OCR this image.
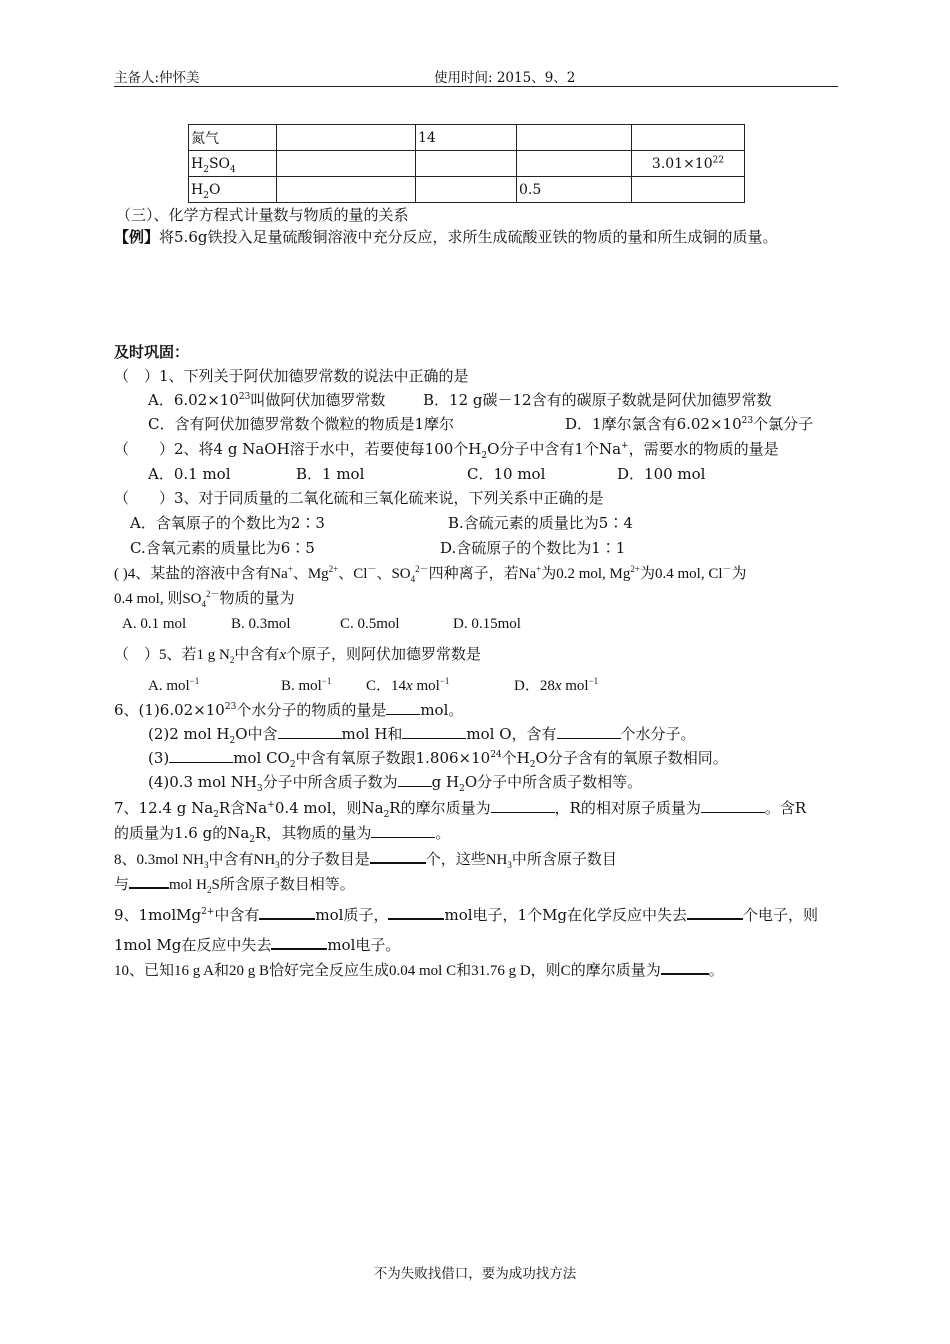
主备人:仲怀美	使用时间: 2015、9、2
氮气		14		
$H_2SO_4$				$3.01\times 10^{22}$
$H_2O$			0.5	
（三）、化学方程式计量数与物质的量的关系
【例】将5.6g铁投入足量硫酸铜溶液中充分反应，求所生成硫酸亚铁的物质的量和所生成铜的质量。
及时巩固：
（　）1、下列关于阿伏加德罗常数的说法中正确的是
A．$6.02\times 10^{23}$叫做阿伏加德罗常数	B．12 g碳－12含有的碳原子数就是阿伏加德罗常数
C．含有阿伏加德罗常数个微粒的物质是1摩尔	D．1摩尔氯含有$6.02\times 10^{23}$个氯分子
（　　）2、将4 g NaOH溶于水中，若要使每100个$H_2O$分子中含有1个Na+，需要水的物质的量是
A．0.1 mol	B．1 mol	C．10 mol	D．100 mol
（　　）3、对于同质量的二氧化硫和三氧化硫来说，下列关系中正确的是
A．含氧原子的个数比为2∶3	B.含硫元素的质量比为5∶4
C.含氧元素的质量比为6∶5	D.含硫原子的个数比为1∶1
( )4、某盐的溶液中含有Na+、$Mg^{2+}$、Cl－、$SO_4^{2-}$四种离子，若Na+为0.2 mol, $Mg^{2+}$为0.4 mol, Cl－为
0.4 mol, 则$SO_4^{2-}$物质的量为
A. 0.1 mol	B. 0.3mol	C. 0.5mol	D. 0.15mol
（　）5、若1 g $N_2$中含有x个原子，则阿伏加德罗常数是
A. mol$^{-1}$	B. mol$^{-1}$ C．14x mol$^{-1}$	D．28x mol$^{-1}$
6、$(1)6.02\times 10^{23}$个水分子的物质的量是 mol。
(2)2 mol $H_2O$中含	mol H和	mol O，含有	个水分子。
(3)	mol $CO_2$中含有氧原子数跟$1.806\times 10^{24}$个$H_2O$分子含有的氧原子数相同。
(4)0.3 mol $NH_3$分子中所含质子数为 g $H_2O$分子中所含质子数相等。
7、12.4 g $Na_2R$含Na+0.4 mol，则$Na_2R$的摩尔质量为	，R的相对原子质量为	。含R
的质量为1.6 g的$Na_2R$，其物质的量为	。
8、0.3mol $NH_3$中含有$NH_3$的分子数目是	个，这些$NH_3$中所含原子数目
与	mol $H_2S$所含原子数目相等。
9、1molMg$^{2+}$中含有	mol质子，	mol电子，1个Mg在化学反应中失去	个电子，则
1mol Mg在反应中失去	mol电子。
10、已知16 g A和20 g B恰好完全反应生成0.04 mol C和31.76 g D，则C的摩尔质量为	。
不为失败找借口，要为成功找方法
